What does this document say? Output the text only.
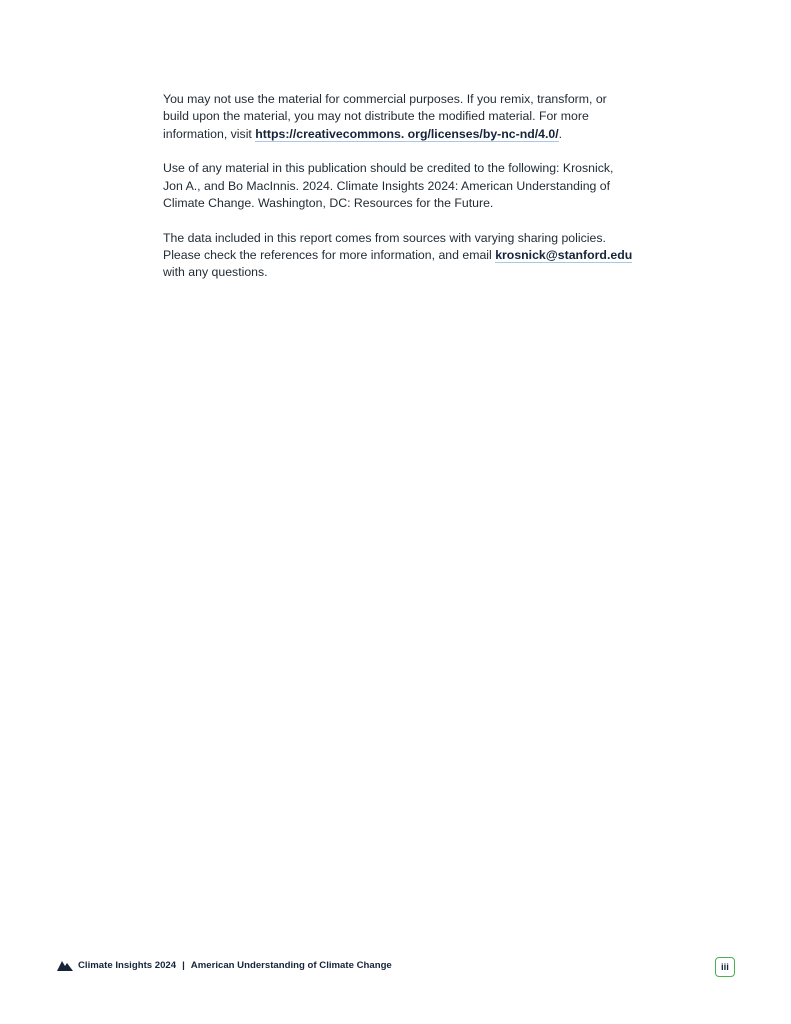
You may not use the material for commercial purposes. If you remix, transform, or build upon the material, you may not distribute the modified material. For more information, visit https://creativecommons. org/licenses/by-nc-nd/4.0/.

Use of any material in this publication should be credited to the following: Krosnick, Jon A., and Bo MacInnis. 2024. Climate Insights 2024: American Understanding of Climate Change. Washington, DC: Resources for the Future.

The data included in this report comes from sources with varying sharing policies. Please check the references for more information, and email krosnick@stanford.edu with any questions.

Climate Insights 2024 | American Understanding of Climate Change	iii
